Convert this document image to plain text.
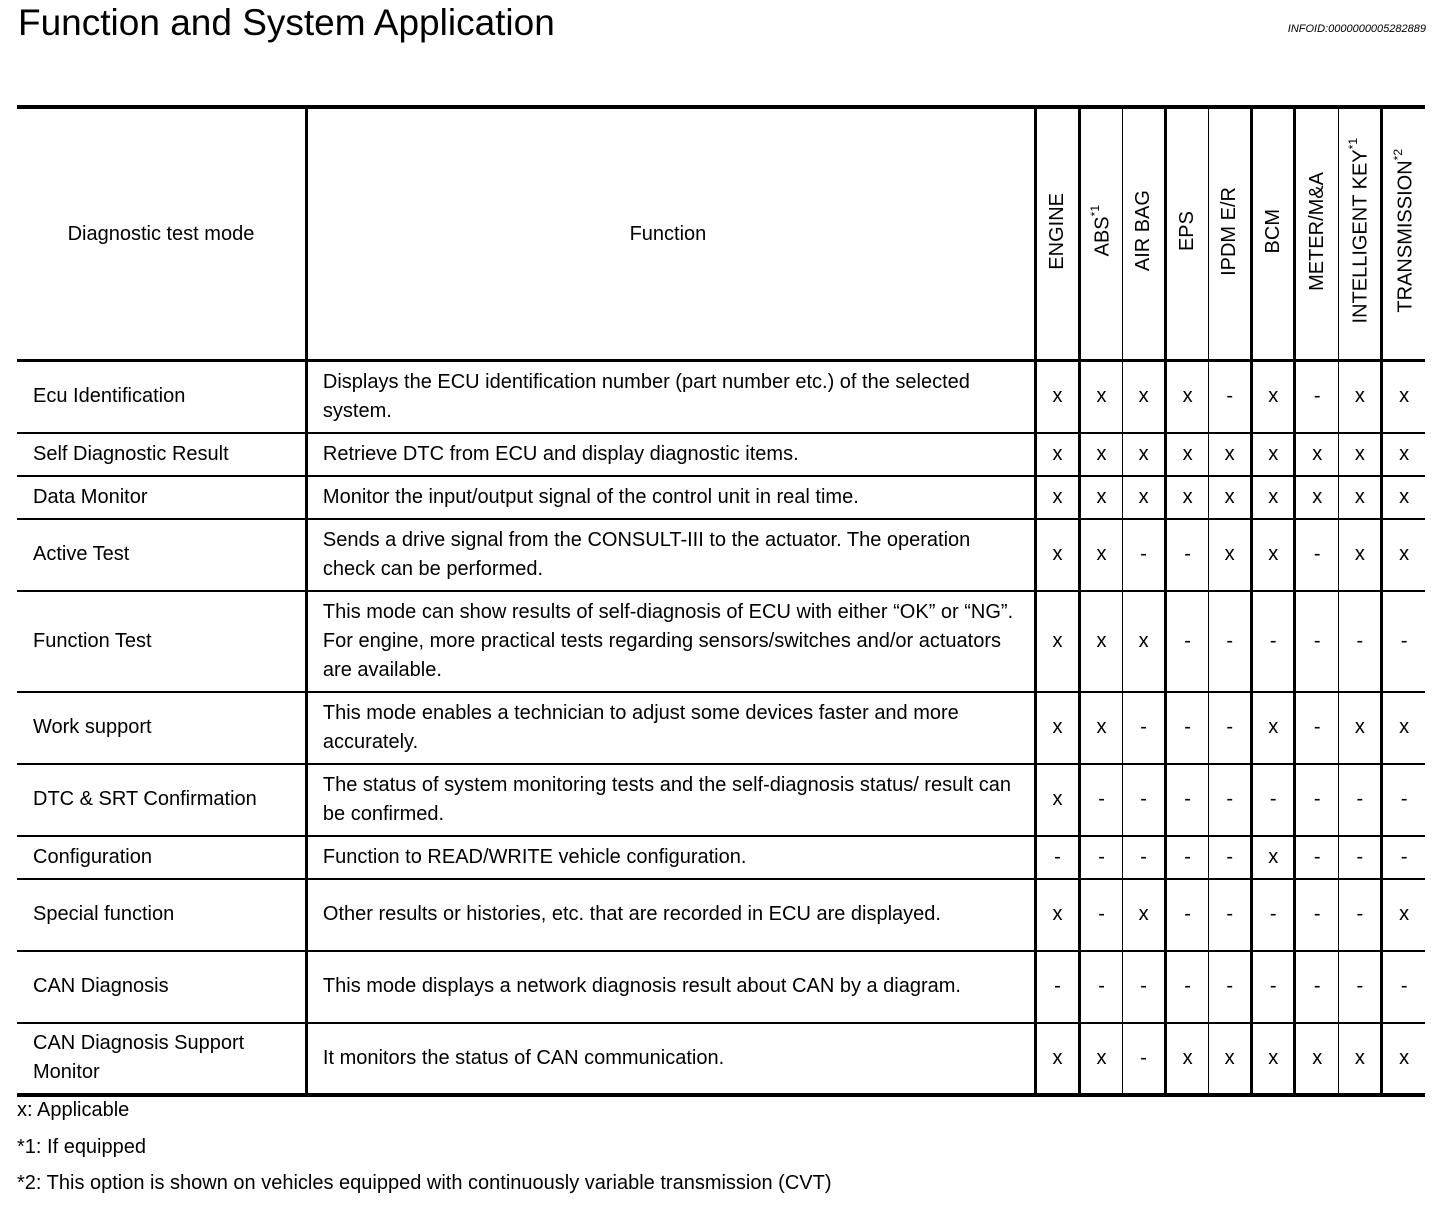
Function and System Application	INFOID:0000000005282889
Diagnostic test mode	Function	ENGINE	ABS$^{*1}$	AIR BAG	EPS	IPDM E/R	BCM	METER/M&A	INTELLIGENT KEY$^{*1}$	TRANSMISSION$^{*2}$
Ecu Identification	Displays the ECU identification number (part number etc.) of the selected system.	x	x	x	x	-	x	-	x	x
Self Diagnostic Result	Retrieve DTC from ECU and display diagnostic items.	x	x	x	x	x	x	x	x	x
Data Monitor	Monitor the input/output signal of the control unit in real time.	x	x	x	x	x	x	x	x	x
Active Test	Sends a drive signal from the CONSULT-III to the actuator. The operation check can be performed.	x	x	-	-	x	x	-	x	x
Function Test	This mode can show results of self-diagnosis of ECU with either “OK” or “NG”. For engine, more practical tests regarding sensors/switches and/or actuators are available.	x	x	x	-	-	-	-	-	-
Work support	This mode enables a technician to adjust some devices faster and more accurately.	x	x	-	-	-	x	-	x	x
DTC & SRT Confirmation	The status of system monitoring tests and the self-diagnosis status/ result can be confirmed.	x	-	-	-	-	-	-	-	-
Configuration	Function to READ/WRITE vehicle configuration.	-	-	-	-	-	x	-	-	-
Special function	Other results or histories, etc. that are recorded in ECU are displayed.	x	-	x	-	-	-	-	-	x
CAN Diagnosis	This mode displays a network diagnosis result about CAN by a diagram.	-	-	-	-	-	-	-	-	-
CAN Diagnosis Support Monitor	It monitors the status of CAN communication.	x	x	-	x	x	x	x	x	x
x: Applicable
*1: If equipped
*2: This option is shown on vehicles equipped with continuously variable transmission (CVT)
